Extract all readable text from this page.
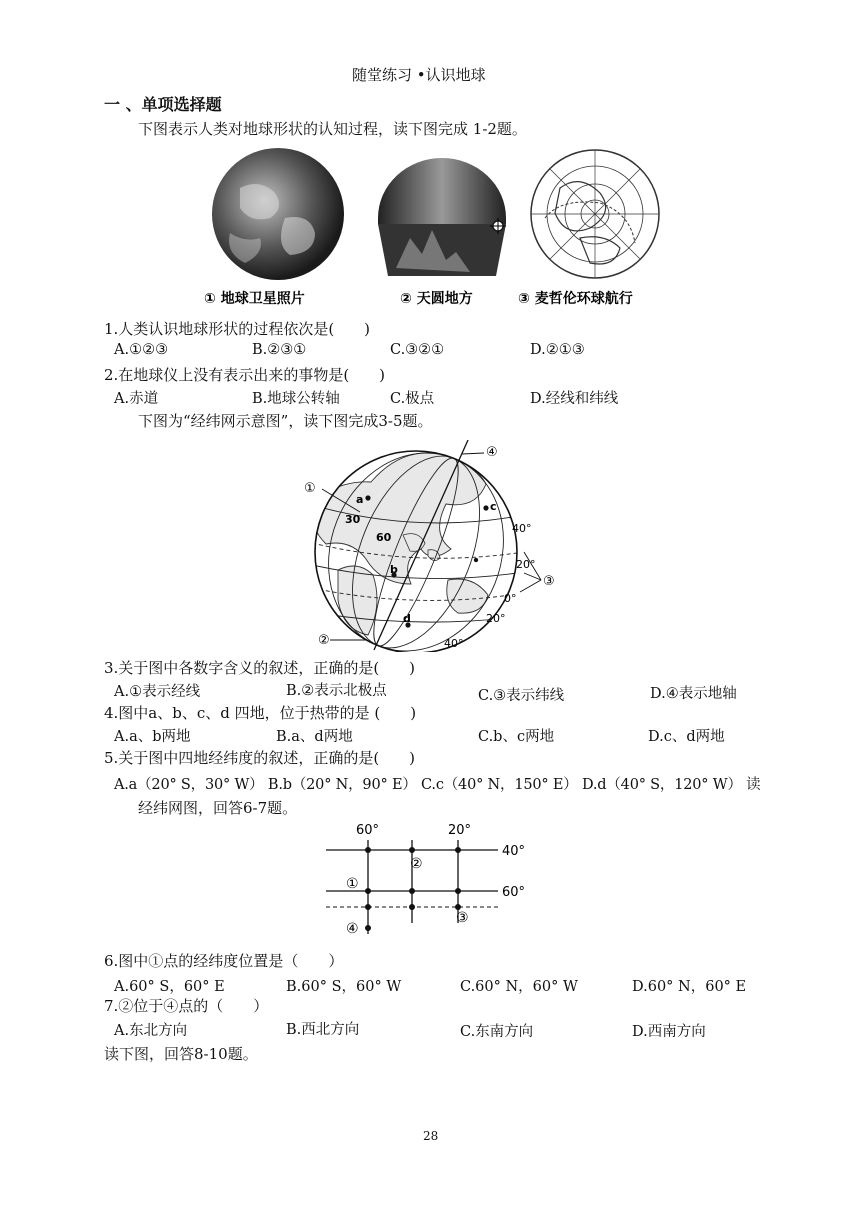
随堂练习 •认识地球
一 、单项选择题
下图表示人类对地球形状的认知过程，读下图完成 1-2题。
① 地球卫星照片	② 天圆地方	③ 麦哲伦环球航行
1.人类认识地球形状的过程依次是(　　)
A.①②③	B.②③①	C.③②①	D.②①③
2.在地球仪上没有表示出来的事物是(　　)
A.赤道	B.地球公转轴	C.极点	D.经线和纬线
下图为“经纬网示意图”，读下图完成3-5题。
①
②
③
④
a
b
c
d
30
60
40°
20°
0°
20°
40°
3.关于图中各数字含义的叙述，正确的是(　　)
A.①表示经线	B.②表示北极点	C.③表示纬线	D.④表示地轴
4.图中a、b、c、d 四地，位于热带的是 (　　)
A.a、b两地	B.a、d两地	C.b、c两地	D.c、d两地
5.关于图中四地经纬度的叙述，正确的是(　　)
A.a（20° S，30° W） B.b（20° N，90° E） C.c（40° N，150° E） D.d（40° S，120° W） 读
经纬网图，回答6-7题。
60°	20°
40°
60°
①
②
③
④
6.图中①点的经纬度位置是（　　）
A.60° S，60° E	B.60° S，60° W	C.60° N，60° W	D.60° N，60° E
7.②位于④点的（　　）
A.东北方向	B.西北方向	C.东南方向	D.西南方向
读下图，回答8-10题。
28
